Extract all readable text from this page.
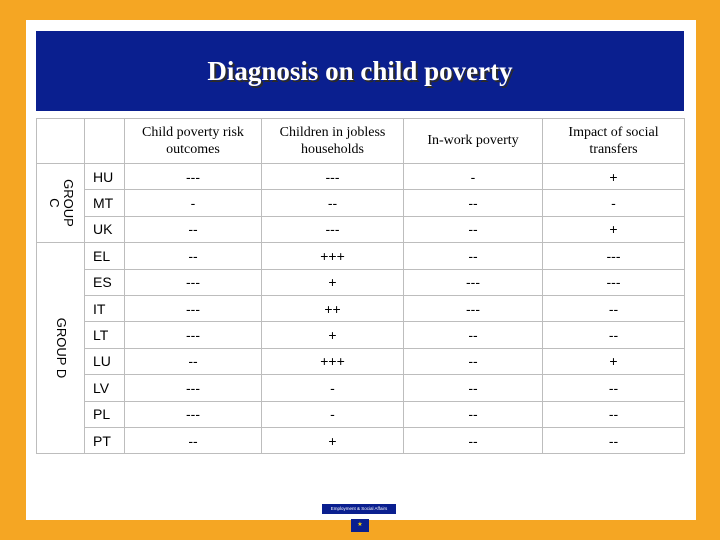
Diagnosis on child poverty
		Child poverty risk outcomes	Children in jobless households	In-work poverty	Impact of social transfers

GROUP C	HU	---	---	-	+
	MT	-	--	--	-
	UK	--	---	--	+

GROUP D	EL	--	+++	--	---
	ES	---	+	---	---
	IT	---	++	---	--
	LT	---	+	--	--
	LU	--	+++	--	+
	LV	---	-	--	--
	PL	---	-	--	--
	PT	--	+	--	--
Employment & Social Affairs
★
